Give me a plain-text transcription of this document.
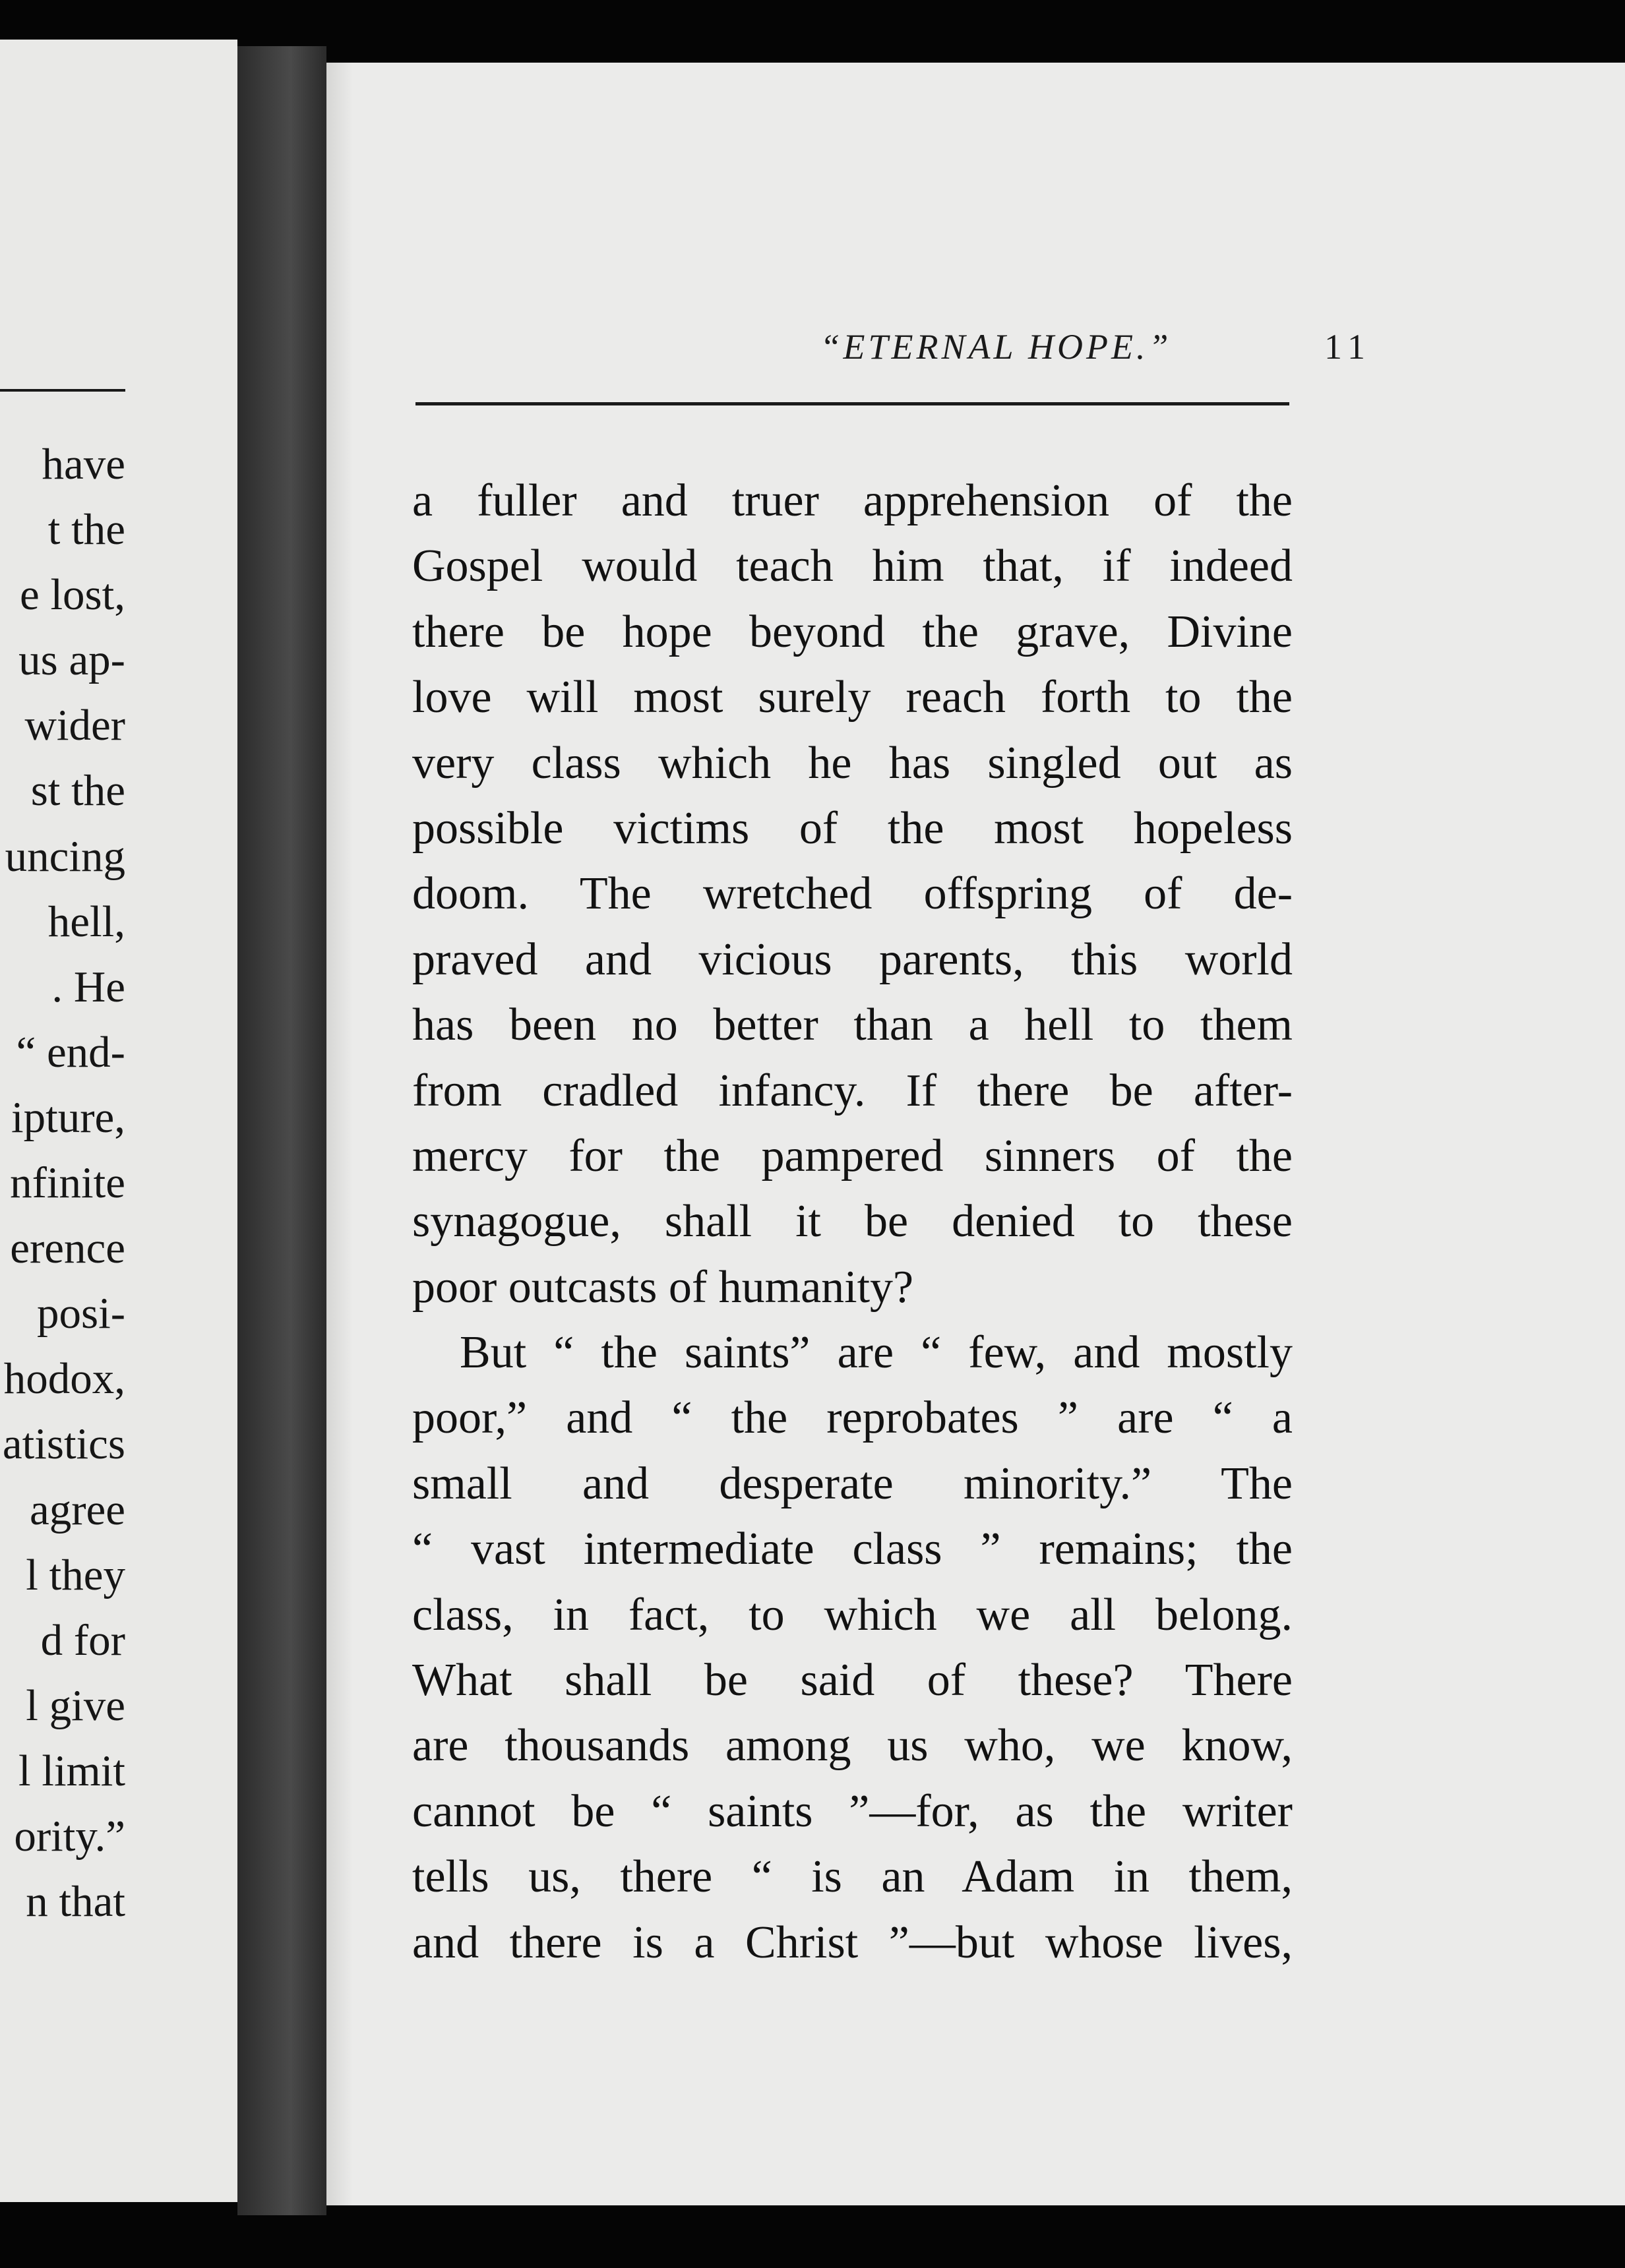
have
t the
e lost,
us ap-
wider
st the
uncing
hell,
. He
“ end-
ipture,
nfinite
erence
posi-
hodox,
atistics
agree
l they
d for
l give
l limit
ority.”
n that
“ETERNAL HOPE.”	11
a fuller and truer apprehension of the
Gospel would teach him that, if indeed
there be hope beyond the grave, Divine
love will most surely reach forth to the
very class which he has singled out as
possible victims of the most hopeless
doom. The wretched offspring of de-
praved and vicious parents, this world
has been no better than a hell to them
from cradled infancy. If there be after-
mercy for the pampered sinners of the
synagogue, shall it be denied to these
poor outcasts of humanity?
But “ the saints” are “ few, and mostly
poor,” and “ the reprobates ” are “ a
small and desperate minority.” The
“ vast intermediate class ” remains; the
class, in fact, to which we all belong.
What shall be said of these? There
are thousands among us who, we know,
cannot be “ saints ”—for, as the writer
tells us, there “ is an Adam in them,
and there is a Christ ”—but whose lives,
